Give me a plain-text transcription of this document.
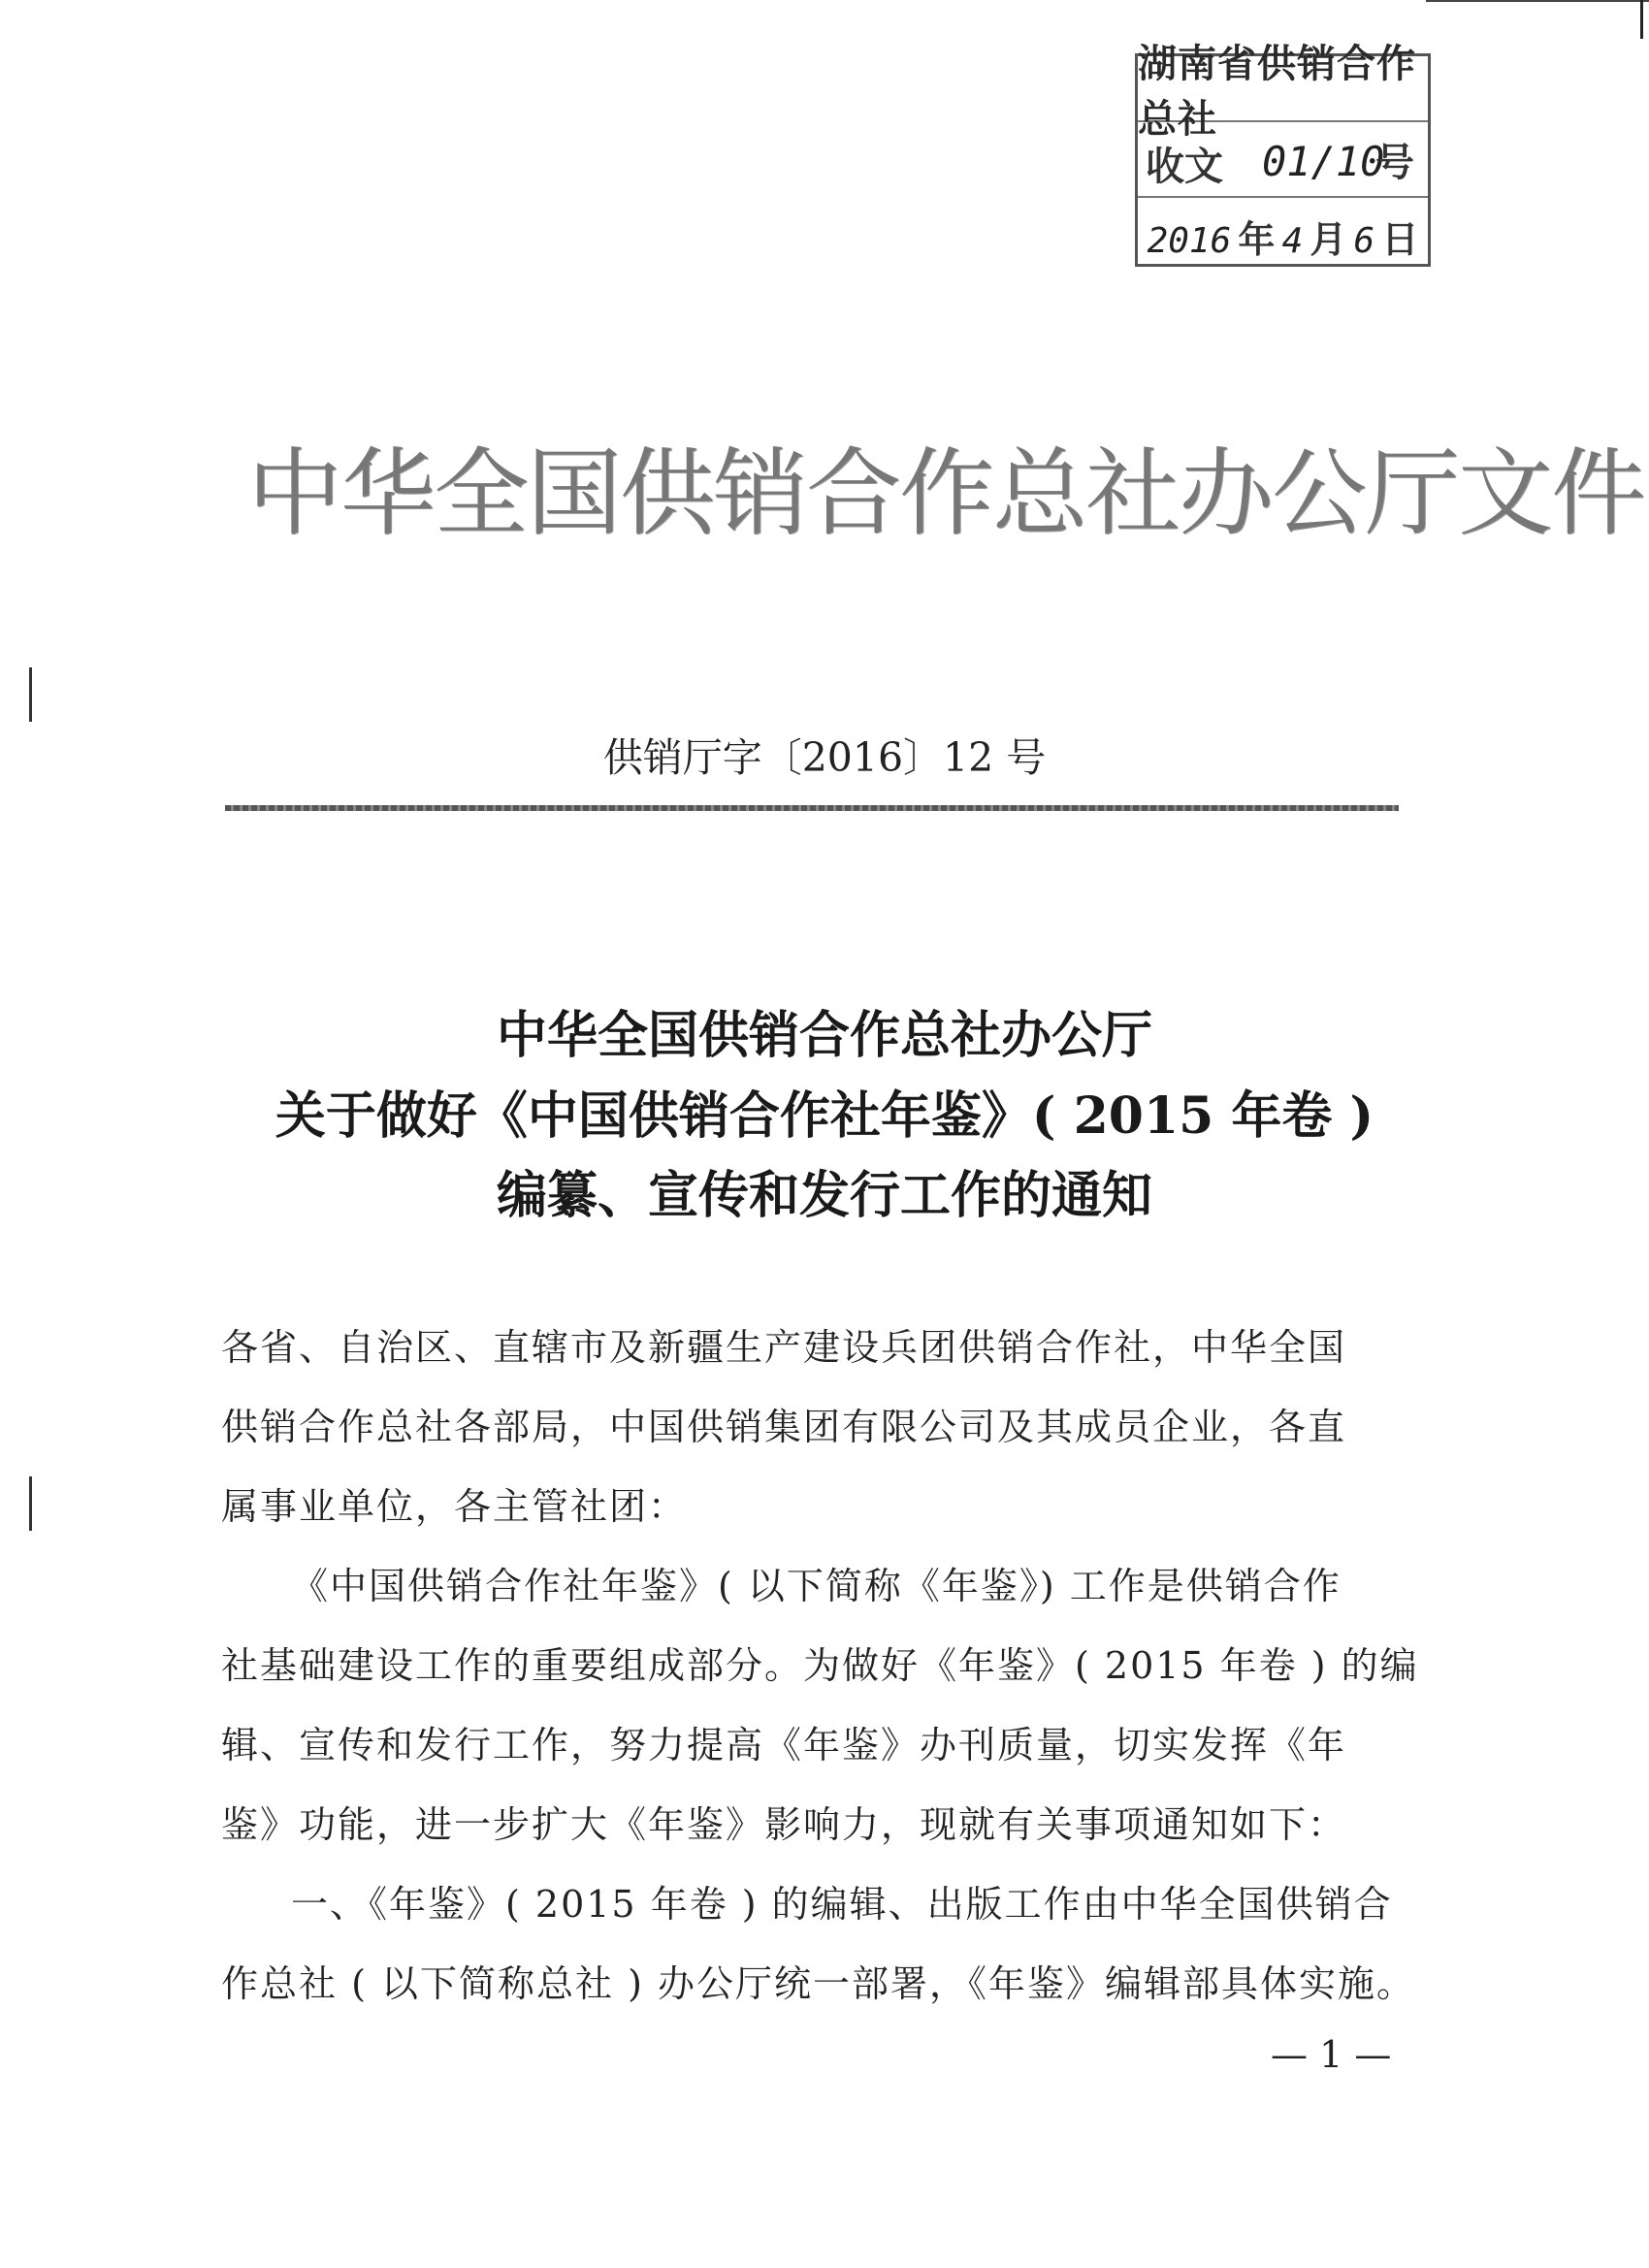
湖南省供销合作总社
收文 01/10
号
2016 年 4 月 6 日
中华全国供销合作总社办公厅文件
供销厅字〔2016〕12 号
中华全国供销合作总社办公厅
关于做好《中国供销合作社年鉴》( 2015 年卷 )
编纂、宣传和发行工作的通知
各省、自治区、直辖市及新疆生产建设兵团供销合作社，中华全国
供销合作总社各部局，中国供销集团有限公司及其成员企业，各直
属事业单位，各主管社团：
《中国供销合作社年鉴》( 以下简称《年鉴》) 工作是供销合作
社基础建设工作的重要组成部分。为做好《年鉴》( 2015 年卷 ) 的编
辑、宣传和发行工作，努力提高《年鉴》办刊质量，切实发挥《年
鉴》功能，进一步扩大《年鉴》影响力，现就有关事项通知如下：
一、《年鉴》( 2015 年卷 ) 的编辑、出版工作由中华全国供销合
作总社 ( 以下简称总社 ) 办公厅统一部署，《年鉴》编辑部具体实施。
— 1 —
